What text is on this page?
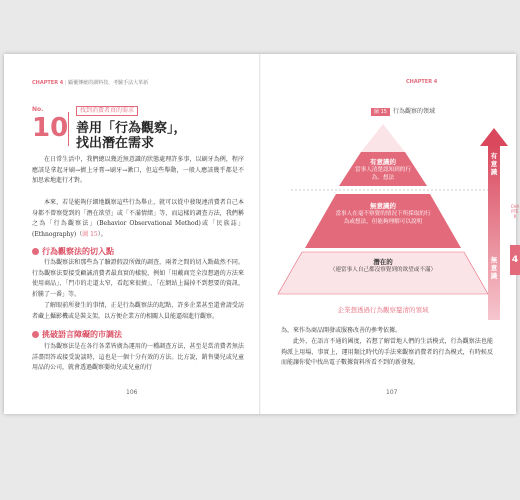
CHAPTER 4 | 顧覆傳統的調料技，考驗手法大革新
No.
10
找到消費者真的需求
善用「行為觀察」，
找出潛在需求
在日常生活中，我們總以幾近無意識的狀態處理許多事，以刷牙為例，程序應該是拿起牙刷→擠上牙膏→刷牙→漱口，但這些舉動，一般人應該幾乎都是不加思索地進行才對。
本來，若是能夠仔細地觀察這些行為舉止，就可以從中發現連消費者自己本身都不曾察覺到的「潛在欲望」或「不滿情緒」等，而這樣的調查方法，我們稱之為「行為觀察法」(Behavior Observational Method)或「民族誌」(Ethnography)（圖 15）。
行為觀察法的切入點
行為觀察法和那些為了驗證假設所做的調查，兩者之間的切入點截然不同。行為觀察法要接受顧誠消費者最真實的樣貌，例如「用戴商完全沒想過的方法來使用商品」、「門市的走道太窄，看起來很擠」、「在網站上漏掉不到想要的資訊，折騰了一番」等。
了解眼前所發生的事情，正是行為觀察法的起點，許多企業甚至還會請受訪者藏上攝影機或是裝支架，以方便企業方的相關人員能逼端進行觀察。
挑破語言障礙的市調法
行為觀察法是在各行各業皆廣為運用的一種調查方法，甚至是當消費者無法詳盡問答或接受說談時，這也是一個十分有效的方法。比方說，銷售嬰兒或兒童用品的公司，就會透過觀察嬰幼兒或兒童的行
106
CHAPTER 4
圖 15 行為觀察的領域
有意識的
當事人清楚認知到的行為、想法
無意識的
當事人在毫不察覺的情況下所採取的行為或想法，但能夠理解可以說明
潛在的
（連當事人自己都沒察覺到的欲望或不滿）
企業想透過行為觀察釐清的領域
有意識
無意識
為，來作為商品開發或服務改善的參考依據。
此外，在語言不通的國度，若想了解當地人們的生活模式，行為觀察法也能夠派上用場，事實上，運用類比時代的手法來觀察消費者的行為模式，有時候反而能讓你從中找出電子數據資料所看不到的新發現。
107
CHAPTER
4
